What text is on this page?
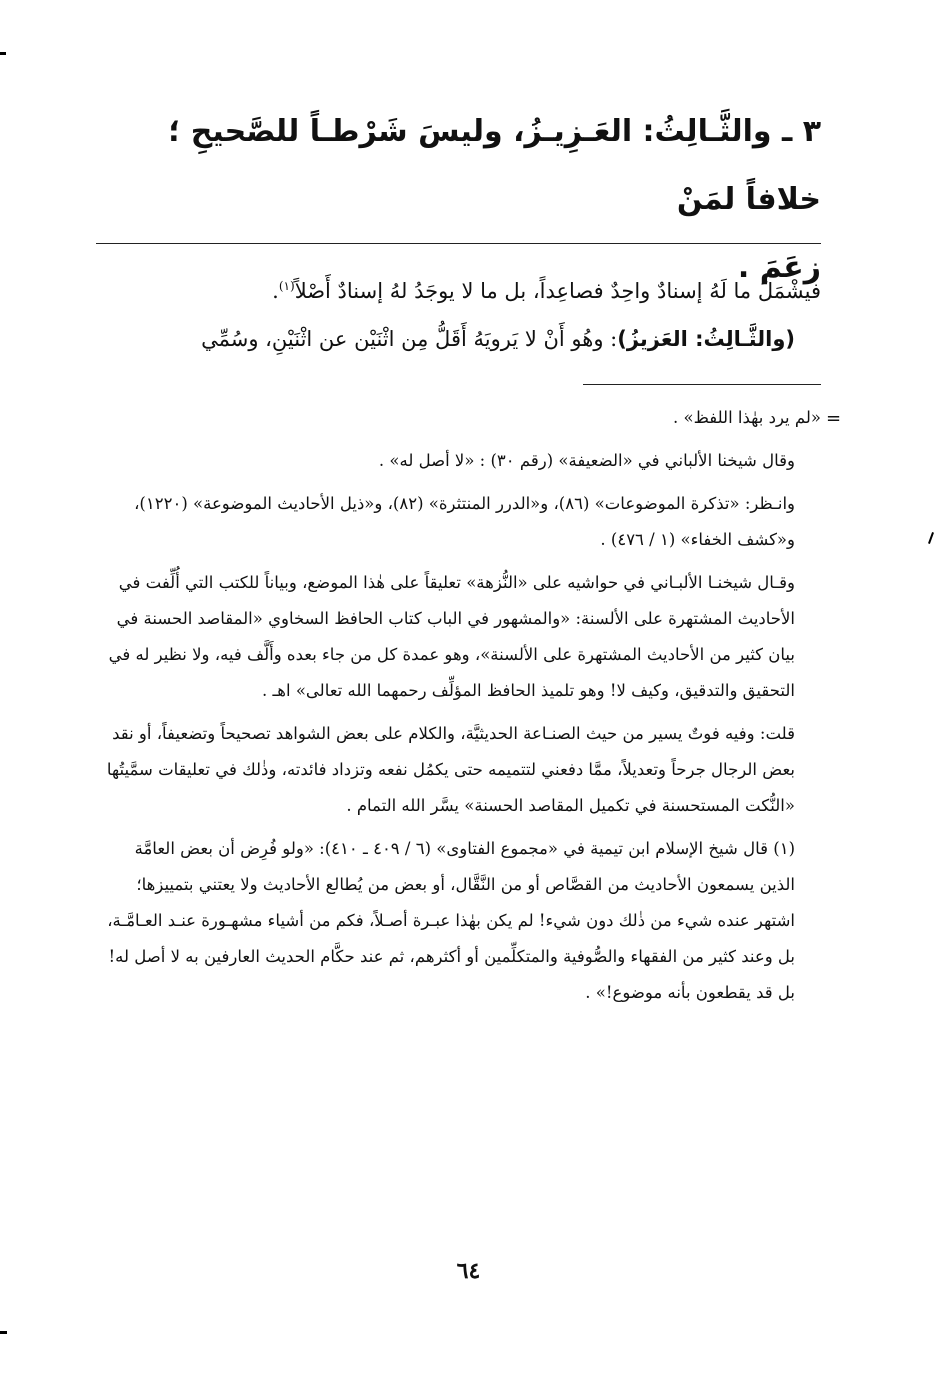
٣ ـ والثَّـالِثُ: العَـزِيـزُ، وليسَ شَرْطـاً للصَّحيحِ ؛ خلافاً لمَنْ
زعَمَ .

فيشْمَلُ ما لَهُ إسنادٌ واحِدٌ فصاعِداً، بل ما لا يوجَدُ لهُ إسنادٌ أَصْلاً$^{(١)}$.

(والثَّـالِثُ: العَزيزُ): وهُو أَنْ لا يَرويَهُ أَقَلُّ مِن اثْنَيْن عن اثْنَيْنِ، وسُمِّي

=

«لم يرد بهٰذا اللفظ» .

وقال شيخنا الألباني في «الضعيفة» (رقم ٣٠) : «لا أصل له» .

وانـظر: «تذكرة الموضوعات» (٨٦)، و«الدرر المنتثرة» (٨٢)، و«ذيل الأحاديث الموضوعة» (١٢٢٠)، و«كشف الخفاء» (١ / ٤٧٦) .

وقـال شيخنـا الألبـاني في حواشيه على «النُّزهة» تعليقاً على هٰذا الموضع، وبياناً للكتب التي أُلِّفت في الأحاديث المشتهرة على الألسنة: «والمشهور في الباب كتاب الحافظ السخاوي «المقاصد الحسنة في بيان كثير من الأحاديث المشتهرة على الألسنة»، وهو عمدة كل من جاء بعده وأَلَّف فيه، ولا نظير له في التحقيق والتدقيق، وكيف لا! وهو تلميذ الحافظ المؤلِّف رحمهما الله تعالى» اهـ .

قلت: وفيه فوتٌ يسير من حيث الصنـاعة الحديثيَّة، والكلام على بعض الشواهد تصحيحاً وتضعيفاً، أو نقد بعض الرجال جرحاً وتعديلاً، ممَّا دفعني لتتميمه حتى يكمُل نفعه وتزداد فائدته، وذٰلك في تعليقات سمَّيتُها «النُّكت المستحسنة في تكميل المقاصد الحسنة» يسَّر الله التمام .

(١) قال شيخ الإسلام ابن تيمية في «مجموع الفتاوى» (٦ / ٤٠٩ ـ ٤١٠): «ولو فُرِض أن بعض العامَّة الذين يسمعون الأحاديث من القصَّاص أو من النَّقَّال، أو بعض من يُطالع الأحاديث ولا يعتني بتمييزها؛ اشتهر عنده شيء من ذٰلك دون شيء! لم يكن بهٰذا عبـرة أصـلاً، فكم من أشياء مشهـورة عنـد العـامَّـة، بل وعند كثير من الفقهاء والصُّوفية والمتكلِّمين أو أكثرهم، ثم عند حكَّام الحديث العارفين به لا أصل له! بل قد يقطعون بأنه موضوع!» .

٦٤
